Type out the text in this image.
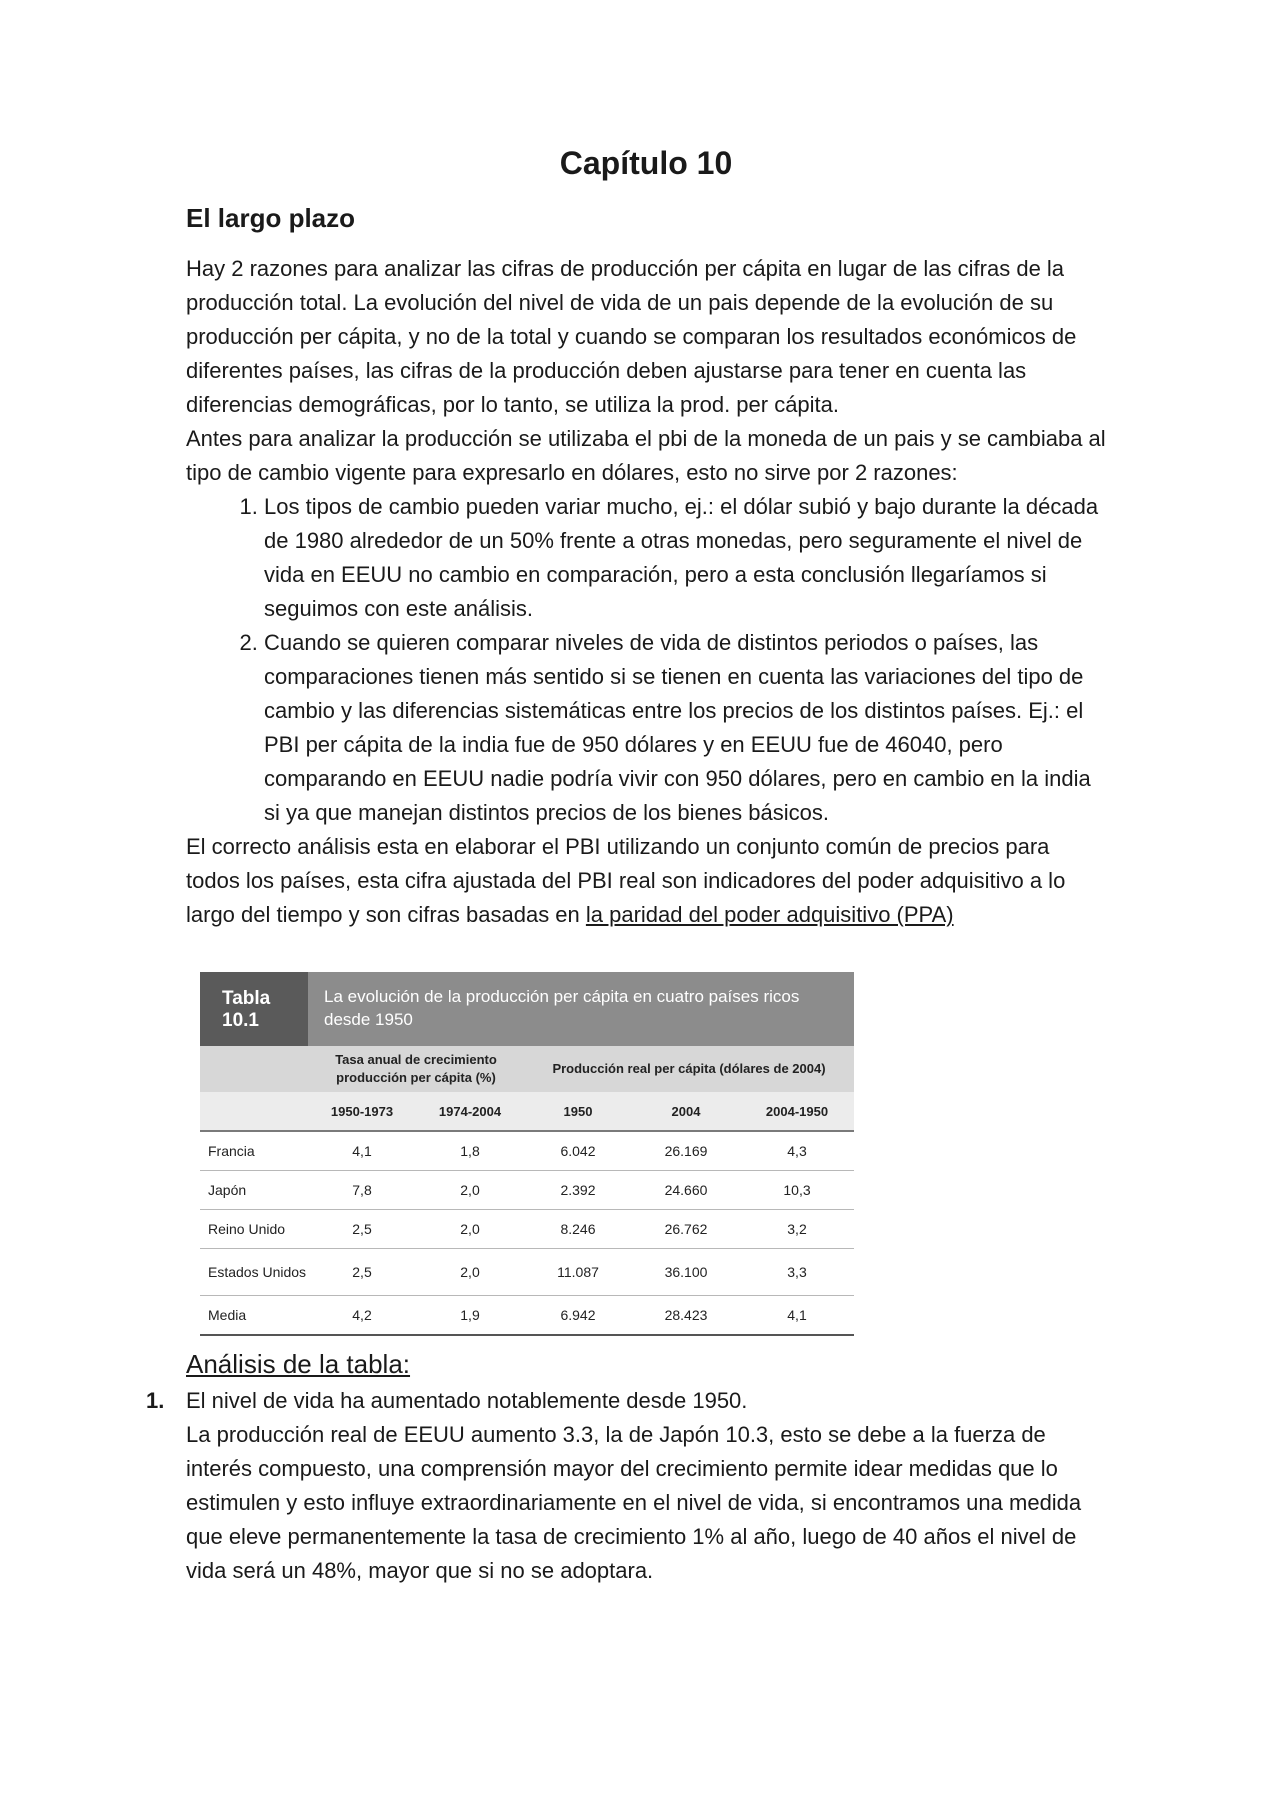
Capítulo 10
El largo plazo

Hay 2 razones para analizar las cifras de producción per cápita en lugar de las cifras de la producción total. La evolución del nivel de vida de un pais depende de la evolución de su producción per cápita, y no de la total y cuando se comparan los resultados económicos de diferentes países, las cifras de la producción deben ajustarse para tener en cuenta las diferencias demográficas, por lo tanto, se utiliza la prod. per cápita.

Antes para analizar la producción se utilizaba el pbi de la moneda de un pais y se cambiaba al tipo de cambio vigente para expresarlo en dólares, esto no sirve por 2 razones:

1. Los tipos de cambio pueden variar mucho, ej.: el dólar subió y bajo durante la década de 1980 alrededor de un 50% frente a otras monedas, pero seguramente el nivel de vida en EEUU no cambio en comparación, pero a esta conclusión llegaríamos si seguimos con este análisis.
2. Cuando se quieren comparar niveles de vida de distintos periodos o países, las comparaciones tienen más sentido si se tienen en cuenta las variaciones del tipo de cambio y las diferencias sistemáticas entre los precios de los distintos países. Ej.: el PBI per cápita de la india fue de 950 dólares y en EEUU fue de 46040, pero comparando en EEUU nadie podría vivir con 950 dólares, pero en cambio en la india si ya que manejan distintos precios de los bienes básicos.

El correcto análisis esta en elaborar el PBI utilizando un conjunto común de precios para todos los países, esta cifra ajustada del PBI real son indicadores del poder adquisitivo a lo largo del tiempo y son cifras basadas en la paridad del poder adquisitivo (PPA)

Tabla
10.1
La evolución de la producción per cápita en cuatro países ricos desde 1950
	Tasa anual de crecimiento producción per cápita (%)		Producción real per cápita (dólares de 2004)		
	1950-1973	1974-2004	1950	2004	2004-1950
Francia	4,1	1,8	6.042	26.169	4,3
Japón	7,8	2,0	2.392	24.660	10,3
Reino Unido	2,5	2,0	8.246	26.762	3,2
Estados Unidos	2,5	2,0	11.087	36.100	3,3
Media	4,2	1,9	6.942	28.423	4,1
Análisis de la tabla:
1. El nivel de vida ha aumentado notablemente desde 1950.
La producción real de EEUU aumento 3.3, la de Japón 10.3, esto se debe a la fuerza de interés compuesto, una comprensión mayor del crecimiento permite idear medidas que lo estimulen y esto influye extraordinariamente en el nivel de vida, si encontramos una medida que eleve permanentemente la tasa de crecimiento 1% al año, luego de 40 años el nivel de vida será un 48%, mayor que si no se adoptara.
